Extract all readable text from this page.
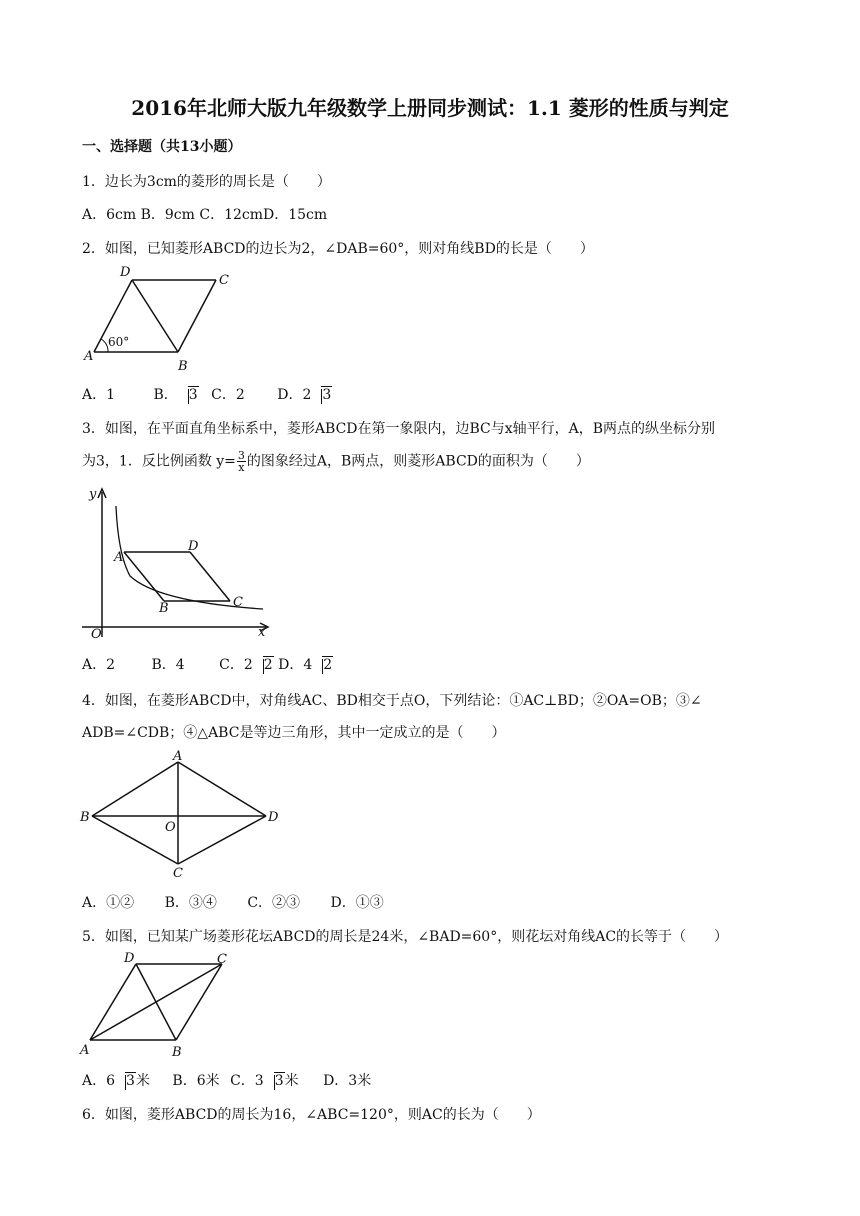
2016年北师大版九年级数学上册同步测试：1.1 菱形的性质与判定
一、选择题（共13小题）
1．边长为3cm的菱形的周长是（　　）
A．6cm B．9cm C．12cmD．15cm
2．如图，已知菱形ABCD的边长为2，∠DAB=60°，则对角线BD的长是（　　）
A
B
C
D
60°
A．1	B． 3 C．2 D．2 3
3．如图，在平面直角坐标系中，菱形ABCD在第一象限内，边BC与x轴平行，A，B两点的纵坐标分别
为3，1．反比例函数 $y= \frac{3}{x}$ 的图象经过A，B两点，则菱形ABCD的面积为（　　）
y
x
O
A
B	C
D
A．2	B．4 C．2 2 D．4 2
4．如图，在菱形ABCD中，对角线AC、BD相交于点O，下列结论：①AC⊥BD；②OA=OB；③∠
ADB=∠CDB；④△ABC是等边三角形，其中一定成立的是（　　）
A
B
C
D
O
A．①② B．③④ C．②③ D．①③
5．如图，已知某广场菱形花坛ABCD的周长是24米，∠BAD=60°，则花坛对角线AC的长等于（　　）
A	B
C
D
A．6 3米 B．6米 C．3 3米 D．3米
6．如图，菱形ABCD的周长为16，∠ABC=120°，则AC的长为（　　）
